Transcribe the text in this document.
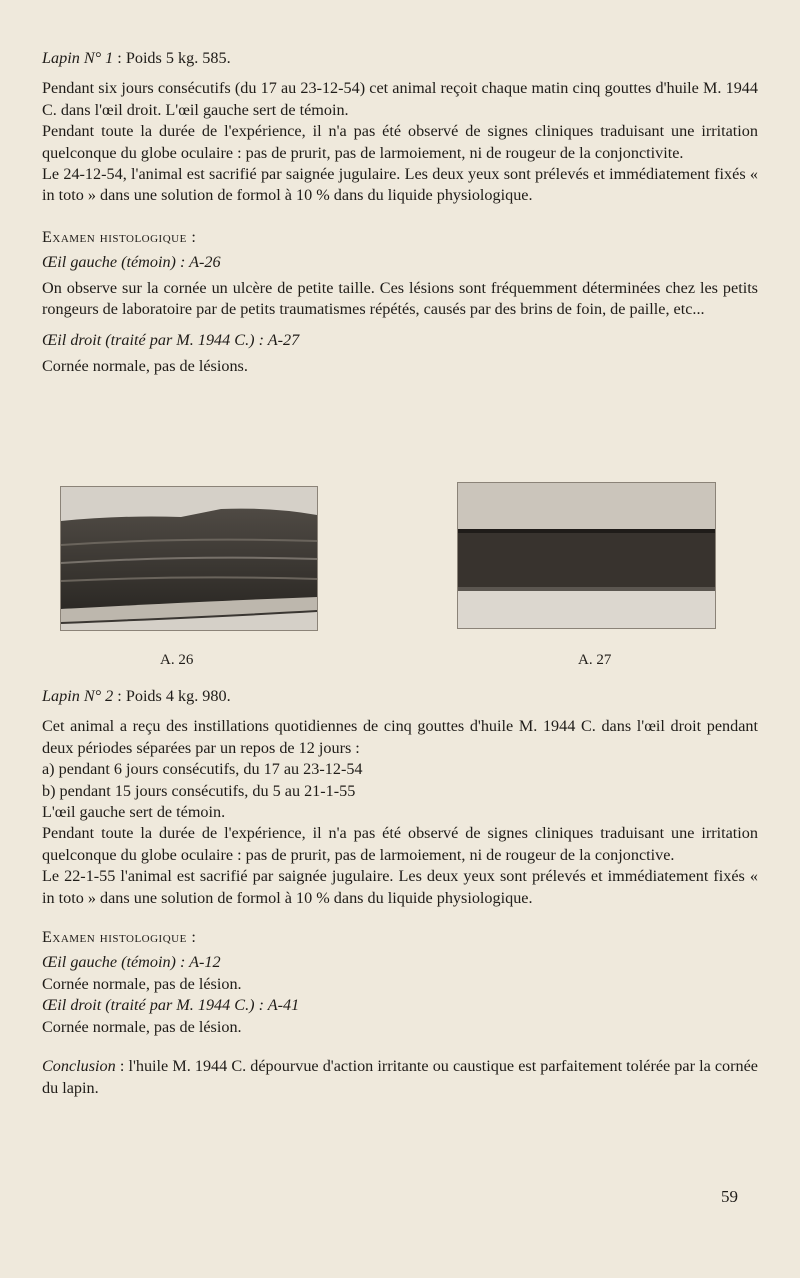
Lapin N° 1 : Poids 5 kg. 585.

Pendant six jours consécutifs (du 17 au 23-12-54) cet animal reçoit chaque matin cinq gouttes d'huile M. 1944 C. dans l'œil droit. L'œil gauche sert de témoin.

Pendant toute la durée de l'expérience, il n'a pas été observé de signes cliniques traduisant une irritation quelconque du globe oculaire : pas de prurit, pas de larmoiement, ni de rougeur de la conjonctivite.

Le 24-12-54, l'animal est sacrifié par saignée jugulaire. Les deux yeux sont prélevés et immédiatement fixés « in toto » dans une solution de formol à 10 % dans du liquide physiologique.

Examen histologique :

Œil gauche (témoin) : A-26

On observe sur la cornée un ulcère de petite taille. Ces lésions sont fréquemment déterminées chez les petits rongeurs de laboratoire par de petits traumatismes répétés, causés par des brins de foin, de paille, etc...

Œil droit (traité par M. 1944 C.) : A-27

Cornée normale, pas de lésions.

A. 26	A. 27

Lapin N° 2 : Poids 4 kg. 980.

Cet animal a reçu des instillations quotidiennes de cinq gouttes d'huile M. 1944 C. dans l'œil droit pendant deux périodes séparées par un repos de 12 jours :

a) pendant 6 jours consécutifs, du 17 au 23-12-54

b) pendant 15 jours consécutifs, du 5 au 21-1-55

L'œil gauche sert de témoin.

Pendant toute la durée de l'expérience, il n'a pas été observé de signes cliniques traduisant une irritation quelconque du globe oculaire : pas de prurit, pas de larmoiement, ni de rougeur de la conjonctive.

Le 22-1-55 l'animal est sacrifié par saignée jugulaire. Les deux yeux sont prélevés et immédiatement fixés « in toto » dans une solution de formol à 10 % dans du liquide physiologique.

Examen histologique :

Œil gauche (témoin) : A-12

Cornée normale, pas de lésion.

Œil droit (traité par M. 1944 C.) : A-41

Cornée normale, pas de lésion.

Conclusion : l'huile M. 1944 C. dépourvue d'action irritante ou caustique est parfaitement tolérée par la cornée du lapin.

59
